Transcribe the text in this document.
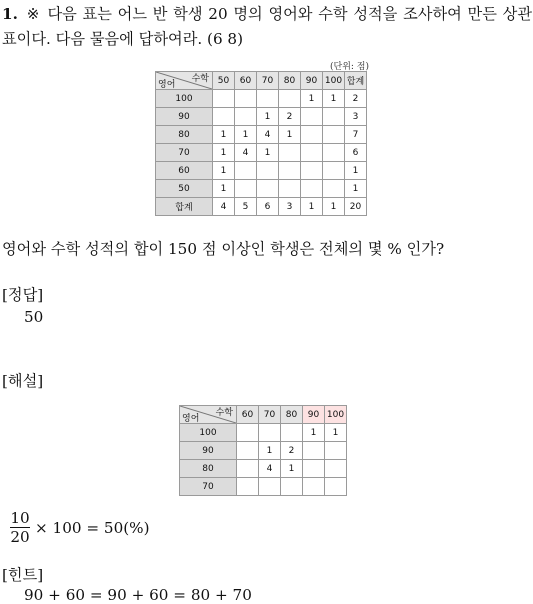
1. ※ 다음 표는 어느 반 학생 20 명의 영어와 수학 성적을 조사하여 만든 상관표이다. 다음 물음에 답하여라. (6 8)
(단위: 점)
수학
영어	50	60	70	80	90	100	합계
100					1	1	2
90			1	2			3
80	1	1	4	1			7
70	1	4	1				6
60	1						1
50	1						1
합계	4	5	6	3	1	1	20
영어와 수학 성적의 합이 150 점 이상인 학생은 전체의 몇 % 인가?
[정답]
50
[해설]
수학
영어	60	70	80	90	100
100				1	1
90		1	2		
80		4	1		
70					
10
20
× 100 = 50(%)
[힌트]
90 + 60 = 90 + 60 = 80 + 70
